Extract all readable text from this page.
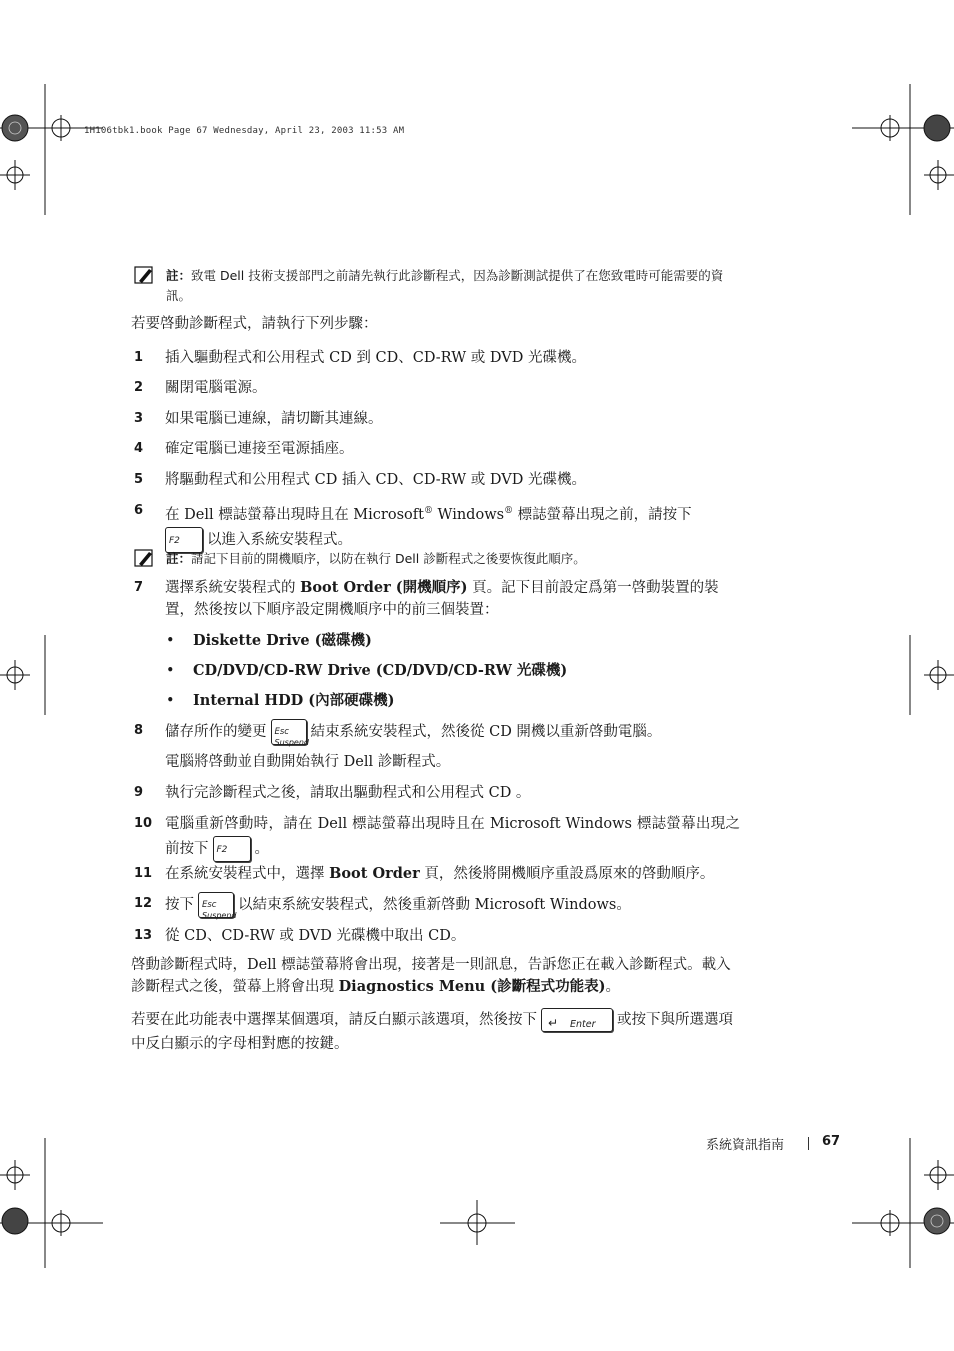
1H106tbk1.book Page 67 Wednesday, April 23, 2003 11:53 AM
註：致電 Dell 技術支援部門之前請先執行此診斷程式，因為診斷測試提供了在您致電時可能需要的資訊。
若要啓動診斷程式，請執行下列步驟：
1	插入驅動程式和公用程式 CD 到 CD、CD-RW 或 DVD 光碟機。
2	關閉電腦電源。
3	如果電腦已連線，請切斷其連線。
4	確定電腦已連接至電源插座。
5	將驅動程式和公用程式 CD 插入 CD、CD-RW 或 DVD 光碟機。
6	在 Dell 標誌螢幕出現時且在 Microsoft® Windows® 標誌螢幕出現之前，請按下

F2 以進入系統安裝程式。
註：請記下目前的開機順序，以防在執行 Dell 診斷程式之後要恢復此順序。
7	選擇系統安裝程式的 Boot Order (開機順序) 頁。記下目前設定爲第一啓動裝置的裝置，然後按以下順序設定開機順序中的前三個裝置：
• Diskette Drive (磁碟機)
• CD/DVD/CD-RW Drive (CD/DVD/CD-RW 光碟機)
• Internal HDD (內部硬碟機)
8	儲存所作的變更 Esc
Suspend
結束系統安裝程式，然後從 CD 開機以重新啓動電腦。
電腦將啓動並自動開始執行 Dell 診斷程式。
9	執行完診斷程式之後，請取出驅動程式和公用程式 CD 。
10 電腦重新啓動時，請在 Dell 標誌螢幕出現時且在 Microsoft Windows 標誌螢幕出現之前按下 F2 。
11 在系統安裝程式中，選擇 Boot Order 頁，然後將開機順序重設爲原來的啓動順序。
12 按下 Esc
Suspend
以結束系統安裝程式，然後重新啓動 Microsoft Windows。
13 從 CD、CD-RW 或 DVD 光碟機中取出 CD。
啓動診斷程式時，Dell 標誌螢幕將會出現，接著是一則訊息，告訴您正在載入診斷程式。載入診斷程式之後，螢幕上將會出現 Diagnostics Menu (診斷程式功能表)。
若要在此功能表中選擇某個選項，請反白顯示該選項，然後按下 ↵ Enter 或按下與所選選項中反白顯示的字母相對應的按鍵。
系統資訊指南	67
